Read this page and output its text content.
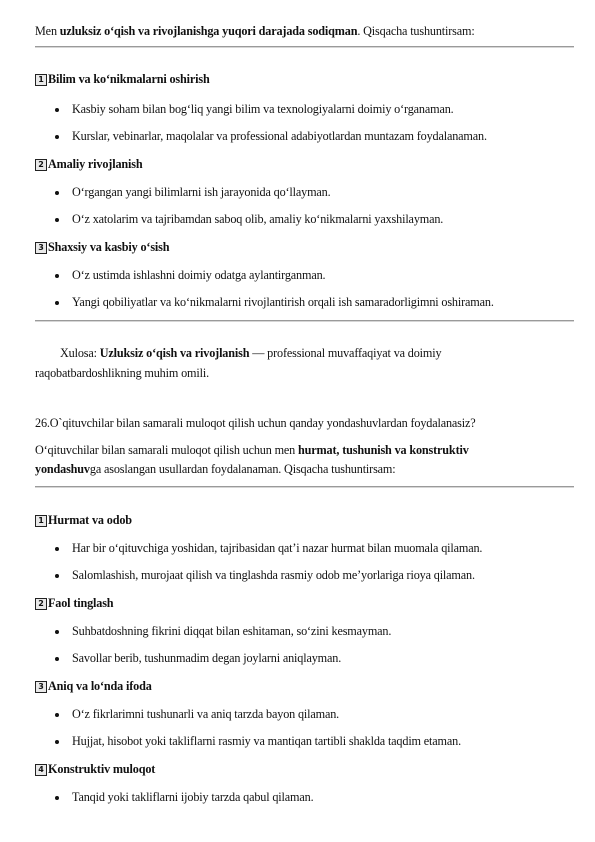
Men uzluksiz o‘qish va rivojlanishga yuqori darajada sodiqman. Qisqacha tushuntirsam:
1 Bilim va ko‘nikmalarni oshirish
Kasbiy soham bilan bog‘liq yangi bilim va texnologiyalarni doimiy o‘rganaman.
Kurslar, vebinarlar, maqolalar va professional adabiyotlardan muntazam foydalanaman.
2 Amaliy rivojlanish
O‘rgangan yangi bilimlarni ish jarayonida qo‘llayman.
O‘z xatolarim va tajribamdan saboq olib, amaliy ko‘nikmalarni yaxshilayman.
3 Shaxsiy va kasbiy o‘sish
O‘z ustimda ishlashni doimiy odatga aylantirganman.
Yangi qobiliyatlar va ko‘nikmalarni rivojlantirish orqali ish samaradorligimni oshiraman.
Xulosa: Uzluksiz o‘qish va rivojlanish — professional muvaffaqiyat va doimiy
raqobatbardoshlikning muhim omili.
26.O`qituvchilar bilan samarali muloqot qilish uchun qanday yondashuvlardan foydalanasiz?
O‘qituvchilar bilan samarali muloqot qilish uchun men hurmat, tushunish va konstruktiv
yondashuvga asoslangan usullardan foydalanaman. Qisqacha tushuntirsam:
1 Hurmat va odob
Har bir o‘qituvchiga yoshidan, tajribasidan qat’i nazar hurmat bilan muomala qilaman.
Salomlashish, murojaat qilish va tinglashda rasmiy odob me’yorlariga rioya qilaman.
2 Faol tinglash
Suhbatdoshning fikrini diqqat bilan eshitaman, so‘zini kesmayman.
Savollar berib, tushunmadim degan joylarni aniqlayman.
3 Aniq va lo‘nda ifoda
O‘z fikrlarimni tushunarli va aniq tarzda bayon qilaman.
Hujjat, hisobot yoki takliflarni rasmiy va mantiqan tartibli shaklda taqdim etaman.
4 Konstruktiv muloqot
Tanqid yoki takliflarni ijobiy tarzda qabul qilaman.
